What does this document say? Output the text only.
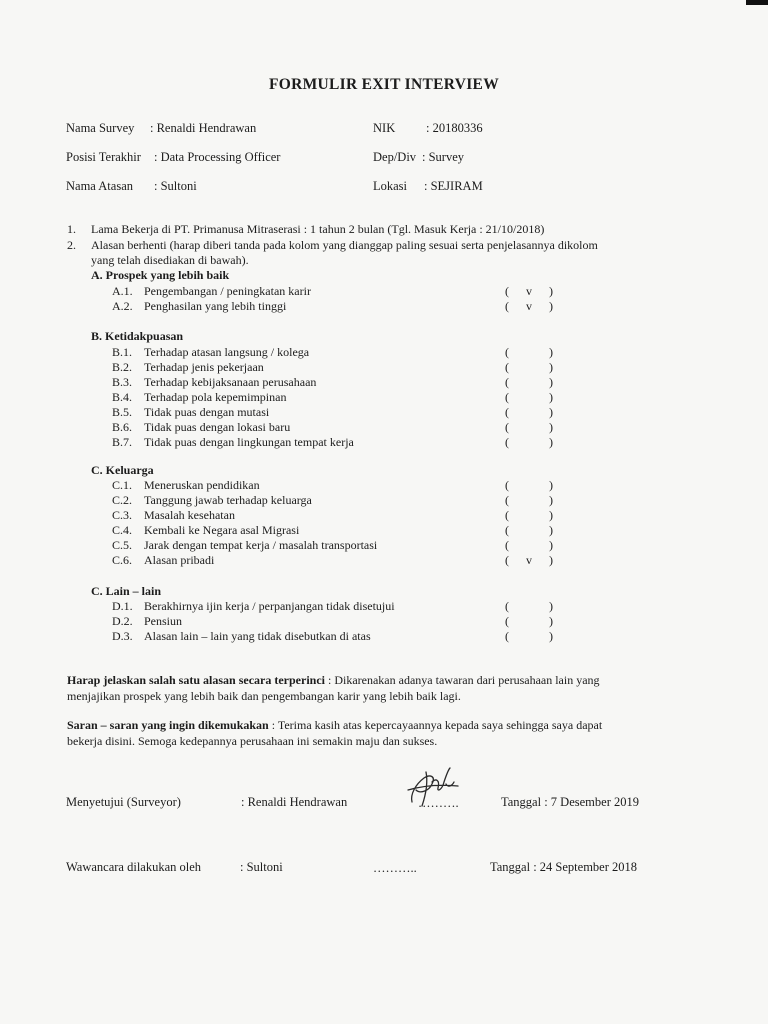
FORMULIR EXIT INTERVIEW
Nama Survey : Renaldi Hendrawan	NIK : 20180336
Posisi Terakhir : Data Processing Officer	Dep/Div : Survey
Nama Atasan : Sultoni	Lokasi : SEJIRAM
1. Lama Bekerja di PT. Primanusa Mitraserasi : 1 tahun 2 bulan (Tgl. Masuk Kerja : 21/10/2018)
2. Alasan berhenti (harap diberi tanda pada kolom yang dianggap paling sesuai serta penjelasannya dikolom
yang telah disediakan di bawah).
A. Prospek yang lebih baik
A.1. Pengembangan / peningkatan karir	( v )
A.2. Penghasilan yang lebih tinggi	( v )
B. Ketidakpuasan
B.1. Terhadap atasan langsung / kolega	(	)
B.2. Terhadap jenis pekerjaan	(	)
B.3. Terhadap kebijaksanaan perusahaan	(	)
B.4. Terhadap pola kepemimpinan	(	)
B.5. Tidak puas dengan mutasi	(	)
B.6. Tidak puas dengan lokasi baru	(	)
B.7. Tidak puas dengan lingkungan tempat kerja	(	)
C. Keluarga
C.1. Meneruskan pendidikan	(	)
C.2. Tanggung jawab terhadap keluarga	(	)
C.3. Masalah kesehatan	(	)
C.4. Kembali ke Negara asal Migrasi	(	)
C.5. Jarak dengan tempat kerja / masalah transportasi	(	)
C.6. Alasan pribadi	( v )
C. Lain – lain
D.1. Berakhirnya ijin kerja / perpanjangan tidak disetujui	(	)
D.2. Pensiun	(	)
D.3. Alasan lain – lain yang tidak disebutkan di atas	(	)
Harap jelaskan salah satu alasan secara terperinci : Dikarenakan adanya tawaran dari perusahaan lain yang
menjajikan prospek yang lebih baik dan pengembangan karir yang lebih baik lagi.
Saran – saran yang ingin dikemukakan : Terima kasih atas kepercayaannya kepada saya sehingga saya dapat
bekerja disini. Semoga kedepannya perusahaan ini semakin maju dan sukses.
Menyetujui (Surveyor)	: Renaldi Hendrawan	……….	Tanggal : 7 Desember 2019
Wawancara dilakukan oleh	: Sultoni	………..	Tanggal : 24 September 2018
